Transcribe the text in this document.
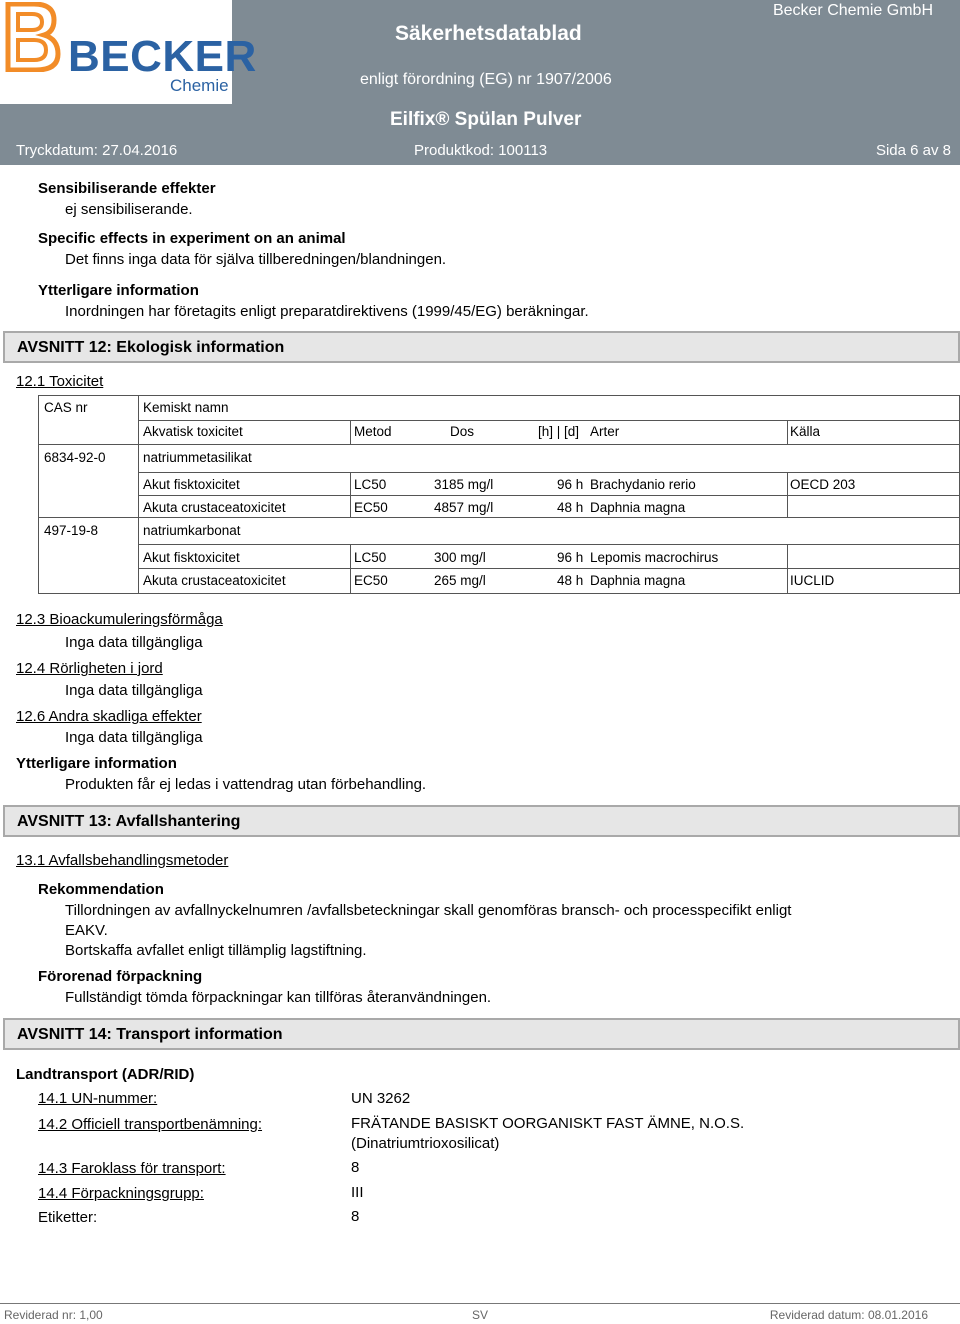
BECKER
Chemie
Säkerhetsdatablad
Becker Chemie GmbH
enligt förordning (EG) nr 1907/2006
Eilfix® Spülan Pulver
Tryckdatum: 27.04.2016	Produktkod: 100113	Sida 6 av 8
Sensibiliserande effekter
ej sensibiliserande.
Specific effects in experiment on an animal
Det finns inga data för själva tillberedningen/blandningen.
Ytterligare information
Inordningen har företagits enligt preparatdirektivens (1999/45/EG) beräkningar.
AVSNITT 12: Ekologisk information
12.1 Toxicitet
CAS nr	Kemiskt namn
Akvatisk toxicitet	Metod	Dos	[h] | [d] Arter	Källa
6834-92-0	natriummetasilikat
Akut fisktoxicitet	LC50	3185 mg/l	96 h Brachydanio rerio	OECD 203
Akuta crustaceatoxicitet	EC50	4857 mg/l	48 h Daphnia magna
497-19-8	natriumkarbonat
Akut fisktoxicitet	LC50	300 mg/l	96 h Lepomis macrochirus
Akuta crustaceatoxicitet	EC50	265 mg/l	48 h Daphnia magna	IUCLID
12.3 Bioackumuleringsförmåga
Inga data tillgängliga
12.4 Rörligheten i jord
Inga data tillgängliga
12.6 Andra skadliga effekter
Inga data tillgängliga
Ytterligare information
Produkten får ej ledas i vattendrag utan förbehandling.
AVSNITT 13: Avfallshantering
13.1 Avfallsbehandlingsmetoder
Rekommendation
Tillordningen av avfallnyckelnumren /avfallsbeteckningar skall genomföras bransch- och processpecifikt enligt
EAKV.
Bortskaffa avfallet enligt tillämplig lagstiftning.
Förorenad förpackning
Fullständigt tömda förpackningar kan tillföras återanvändningen.
AVSNITT 14: Transport information
Landtransport (ADR/RID)
14.1 UN-nummer:	UN 3262
14.2 Officiell transportbenämning:	FRÄTANDE BASISKT OORGANISKT FAST ÄMNE, N.O.S.
(Dinatriumtrioxosilicat)
14.3 Faroklass för transport:	8
14.4 Förpackningsgrupp:	III
Etiketter:	8
Reviderad nr: 1,00	SV	Reviderad datum: 08.01.2016
